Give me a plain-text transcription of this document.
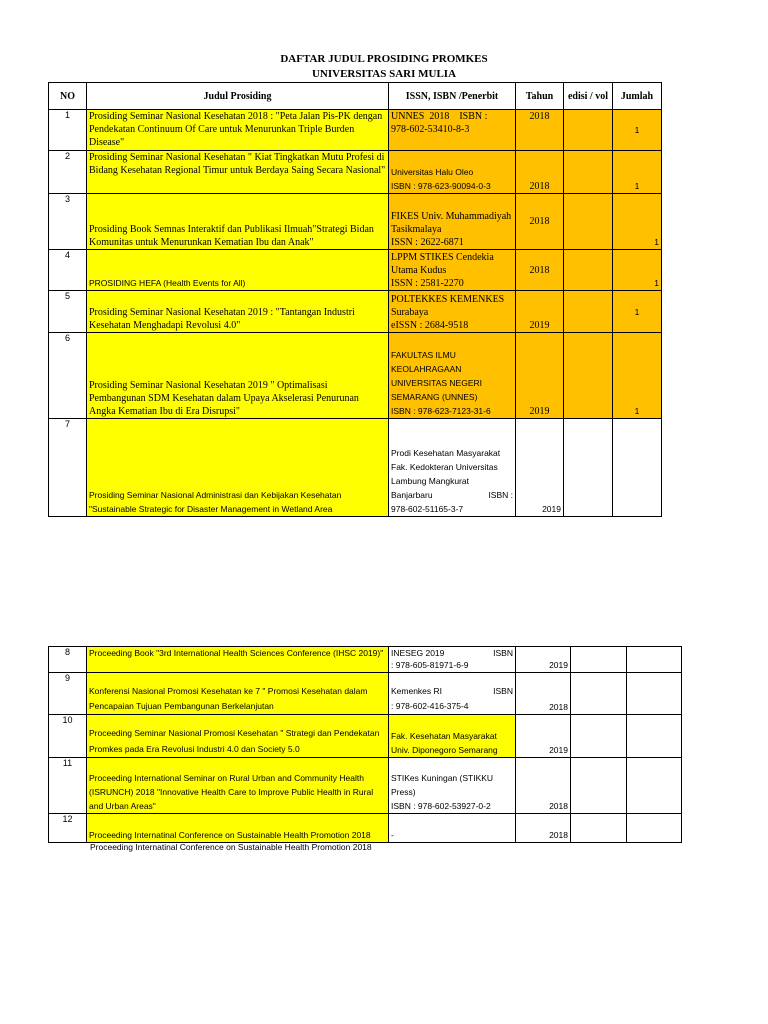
DAFTAR JUDUL PROSIDING PROMKES
UNIVERSITAS SARI MULIA
NO	Judul Prosiding	ISSN, ISBN /Penerbit	Tahun	edisi / vol	Jumlah
1	Prosiding Seminar Nasional Kesehatan 2018 : "Peta Jalan Pis-PK dengan Pendekatan Continuum Of Care untuk Menurunkan Triple Burden Disease"	UNNES  2018    ISBN :
978-602-53410-8-3	2018		1
2	Prosiding Seminar Nasional Kesehatan " Kiat Tingkatkan Mutu Profesi di Bidang Kesehatan Regional Timur untuk Berdaya Saing Secara Nasional"	Universitas Halu Oleo
ISBN : 978-623-90094-0-3	2018		1
3	Prosiding Book Semnas Interaktif dan Publikasi Ilmuah"Strategi Bidan Komunitas untuk Menurunkan Kematian Ibu dan Anak"	FIKES Univ. Muhammadiyah Tasikmalaya
ISSN : 2622-6871	2018		1
4	PROSIDING HEFA (Health Events for All)	LPPM STIKES Cendekia Utama Kudus
ISSN : 2581-2270	2018		1
5	Prosiding Seminar Nasional Kesehatan 2019 : "Tantangan Industri Kesehatan Menghadapi Revolusi 4.0"	POLTEKKES KEMENKES Surabaya
eISSN : 2684-9518	2019		1
6	Prosiding Seminar Nasional Kesehatan 2019 " Optimalisasi Pembangunan SDM Kesehatan dalam Upaya Akselerasi Penurunan Angka Kematian Ibu di Era Disrupsi"	FAKULTAS ILMU KEOLAHRAGAAN UNIVERSITAS NEGERI SEMARANG (UNNES)
ISBN : 978-623-7123-31-6	2019		1
7	Prosiding Seminar Nasional Administrasi dan Kebijakan Kesehatan "Sustainable Strategic for Disaster Management in Wetland Area	Prodi Kesehatan Masyarakat Fak. Kedokteran Universitas Lambung Mangkurat
Banjarbaru ISBN :
978-602-51165-3-7	2019		
8	Proceeding Book "3rd International Health Sciences Conference (IHSC 2019)"	INESEG 2019 ISBN
: 978-605-81971-6-9	2019		
9	Konferensi Nasional Promosi Kesehatan ke 7 " Promosi Kesehatan dalam Pencapaian Tujuan Pembangunan Berkelanjutan	Kemenkes RI ISBN
: 978-602-416-375-4	2018		
10	Proceeding Seminar Nasional Promosi Kesehatan " Strategi dan Pendekatan Promkes pada Era Revolusi Industri 4.0 dan Society 5.0	Fak. Kesehatan Masyarakat Univ. Diponegoro Semarang	2019		
11	Proceeding International Seminar on Rural Urban and Community Health (ISRUNCH) 2018 "Innovative Health Care to Improve Public Health in Rural and Urban Areas"	STIKes Kuningan (STIKKU Press)
ISBN : 978-602-53927-0-2	2018		
12	Proceeding Internatinal Conference on Sustainable Health Promotion 2018	-	2018		
Proceeding Internatinal Conference on Sustainable Health Promotion 2018
